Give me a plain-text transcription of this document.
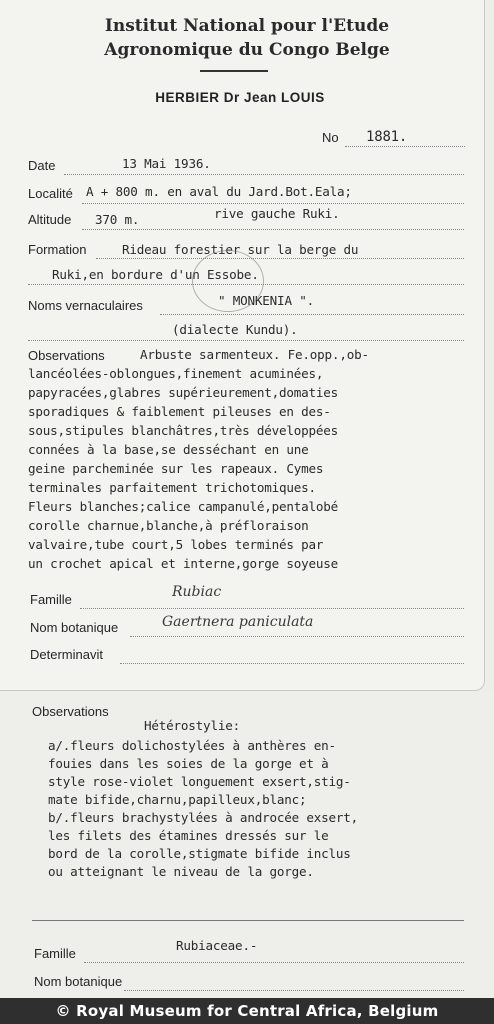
Institut National pour l'Etude
Agronomique du Congo Belge
HERBIER Dr Jean LOUIS
No 1881.
Date	13 Mai 1936.
Localité A + 800 m. en aval du Jard.Bot.Eala;
Altitude 370 m.	rive gauche Ruki.
Formation	Rideau forestier sur la berge du
Ruki,en bordure d'un Essobe.
Noms vernaculaires	" MONKENIA ".
(dialecte Kundu).
Observations	Arbuste sarmenteux. Fe.opp.,ob-
lancéolées-oblongues,finement acuminées,
papyracées,glabres supérieurement,domaties
sporadiques & faiblement pileuses en des-
sous,stipules blanchâtres,très développées
connées à la base,se desséchant en une
geine parcheminée sur les rapeaux. Cymes
terminales parfaitement trichotomiques.
Fleurs blanches;calice campanulé,pentalobé
corolle charnue,blanche,à préfloraison
valvaire,tube court,5 lobes terminés par
un crochet apical et interne,gorge soyeuse
Famille	Rubiac
Nom botanique	Gaertnera paniculata
Determinavit
Observations
Hétérostylie:
a/.fleurs dolichostylées à anthères en-
fouies dans les soies de la gorge et à
style rose-violet longuement exsert,stig-
mate bifide,charnu,papilleux,blanc;
b/.fleurs brachystylées à androcée exsert,
les filets des étamines dressés sur le
bord de la corolle,stigmate bifide inclus
ou atteignant le niveau de la gorge.
Famille
Rubiaceae.-
Nom botanique
© Royal Museum for Central Africa, Belgium
